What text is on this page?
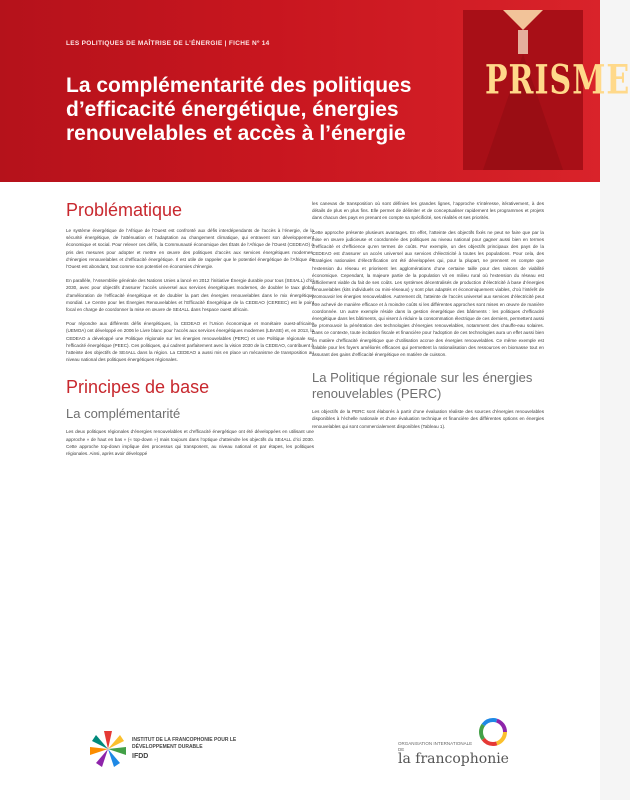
LES POLITIQUES DE MAÎTRISE DE L’ÉNERGIE | FICHE Nº 14
La complémentarité des politiques d’efficacité énergétique, énergies renouvelables et accès à l’énergie
PRISME
Problématique

Le système énergétique de l’Afrique de l’Ouest est confronté aux défis interdépendants de l’accès à l’énergie, de la sécurité énergétique, de l’atténuation et l’adaptation au changement climatique, qui entravent son développement économique et social. Pour relever ces défis, la Communauté économique des États de l’Afrique de l’Ouest (CEDEAO) a pris des mesures pour adopter et mettre en œuvre des politiques d’accès aux services énergétiques modernes, d’énergies renouvelables et d’efficacité énergétique. Il est utile de rappeler que le potentiel énergétique de l’Afrique de l’Ouest est abondant, tout comme son potentiel en économies d’énergie.

En parallèle, l’Assemblée générale des Nations Unies a lancé en 2012 l’initiative Énergie durable pour tous (SE4ALL) d’ici 2030, avec pour objectifs d’assurer l’accès universel aux services énergétiques modernes, de doubler le taux global d’amélioration de l’efficacité énergétique et de doubler la part des énergies renouvelables dans le mix énergétique mondial. Le Centre pour les Énergies Renouvelables et l’Efficacité Énergétique de la CEDEAO (CEREEC) est le point focal en charge de coordonner la mise en œuvre de SE4ALL dans l’espace ouest africain.

Pour répondre aux différents défis énergétiques, la CEDEAO et l’Union économique et monétaire ouest-africaine (UEMOA) ont développé en 2006 le Livre blanc pour l’accès aux services énergétiques modernes (LBASE) et, en 2013, la CEDEAO a développé une Politique régionale sur les énergies renouvelables (PERC) et une Politique régionale sur l’efficacité énergétique (PEEC). Ces politiques, qui cadrent parfaitement avec la vision 2030 de la CEDEAO, contribuent à l’atteinte des objectifs de SE4ALL dans la région. La CEDEAO a aussi mis en place un mécanisme de transposition au niveau national des politiques énergétiques régionales.

Principes de base
La complémentarité

Les deux politiques régionales d’énergies renouvelables et d’efficacité énergétique ont été développées en utilisant une approche « de haut en bas » (« top-down ») mais toujours dans l’optique d’atteindre les objectifs du SE4ALL d’ici 2030. Cette approche top-down implique des processus qui transposent, au niveau national et par étapes, les politiques régionales. Ainsi, après avoir développé

les canevas de transposition où sont définies les grandes lignes, l’approche s’intéresse, itérativement, à des détails de plus en plus fins. Elle permet de délimiter et de conceptualiser rapidement les programmes et projets dans chacun des pays en prenant en compte sa spécificité, ses réalités et ses priorités.

Cette approche présente plusieurs avantages. En effet, l’atteinte des objectifs fixés ne peut se faire que par la mise en œuvre judicieuse et coordonnée des politiques au niveau national pour gagner aussi bien en termes d’efficacité et d’efficience qu’en termes de coûts. Par exemple, un des objectifs principaux des pays de la CEDEAO est d’assurer un accès universel aux services d’électricité à toutes les populations. Pour cela, des stratégies nationales d’électrification ont été développées qui, pour la plupart, ne prennent en compte que l’extension du réseau et priorisent les agglomérations d’une certaine taille pour des raisons de viabilité économique. Cependant, la majeure partie de la population vit en milieu rural où l’extension du réseau est difficilement viable du fait de ses coûts. Les systèmes décentralisés de production d’électricité à base d’énergies renouvelables (kits individuels ou mini-réseaux) y sont plus adaptés et économiquement viables, d’où l’intérêt de promouvoir les énergies renouvelables. Autrement dit, l’atteinte de l’accès universel aux services d’électricité peut être achevé de manière efficace et à moindre coûts si les différentes approches sont mises en œuvre de manière coordonnée. Un autre exemple réside dans la gestion énergétique des bâtiments : les politiques d’efficacité énergétique dans les bâtiments, qui visent à réduire la consommation électrique de ces derniers, permettent aussi de promouvoir la pénétration des technologies d’énergies renouvelables, notamment des chauffe-eau solaires. Dans ce contexte, toute incitation fiscale et financière pour l’adoption de ces technologies aura un effet aussi bien en matière d’efficacité énergétique que d’utilisation accrue des énergies renouvelables. Ce même exemple est valable pour les foyers améliorés efficaces qui permettent la rationalisation des ressources en biomasse tout en assurant des gains d’efficacité énergétique en matière de cuisson.

La Politique régionale sur les énergies renouvelables (PERC)

Les objectifs de la PERC sont élaborés à partir d’une évaluation réaliste des sources d’énergies renouvelables disponibles à l’échelle nationale et d’une évaluation technique et financière des différentes options en énergies renouvelables qui sont commercialement disponibles (Tableau 1).

INSTITUT DE LA FRANCOPHONIE POUR LE DÉVELOPPEMENT DURABLE
IFDD
ORGANISATION INTERNATIONALE DE
la francophonie
